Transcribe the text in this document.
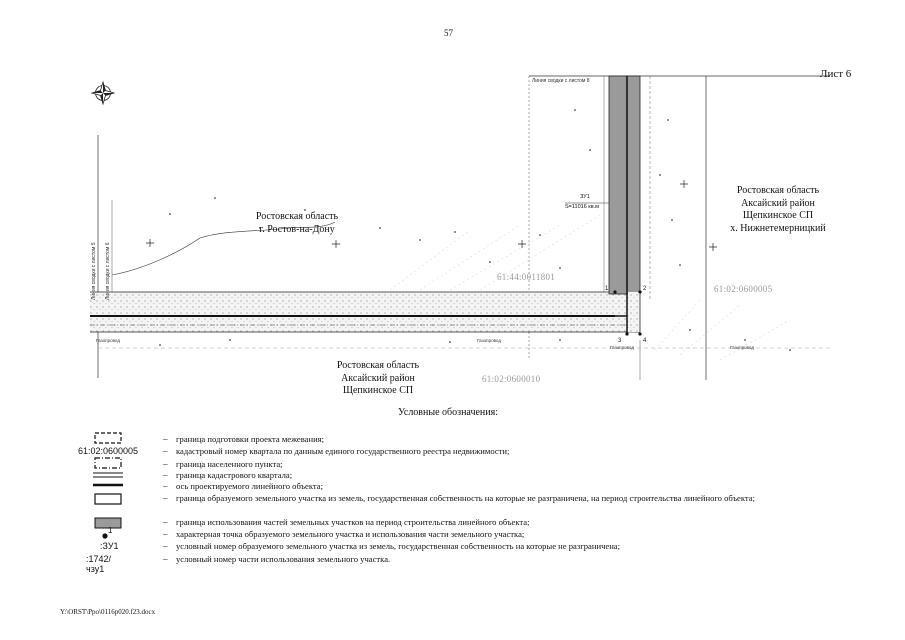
57
Лист 6
1	2
3	4
Линия сводки с листом 8
Линия сводки с листом 5 Линия сводки с листом 6
Газопровод	Газопровод
Газопровод	Газопровод
ЗУ1
S=11016 кв.м
Ростовская область
г. Ростов-на-Дону
Ростовская область
Аксайский район
Щепкинское СП
х. Нижнетемерницкий
Ростовская область
Аксайский район
Щепкинское СП
61:44:0011801
61:02:0600005
61:02:0600010
Условные обозначения:
– граница подготовки проекта межевания;
61:02:0600005	– кадастровый номер квартала по данным единого государственного реестра недвижимости;
– граница населенного пункта;
– граница кадастрового квартала;
– ось проектируемого линейного объекта;
– граница образуемого земельного участка из земель, государственная собственность на которые не разграничена, на период строительства линейного объекта;
– граница использования частей земельных участков на период строительства линейного объекта;
1	– характерная точка образуемого земельного участка и использования части земельного участка;
:ЗУ1	– условный номер образуемого земельного участка из земель, государственная собственность на которые не разграничена;
:1742/чзу1
– условный номер части использования земельного участка.
Y:\ORST\Ppo\0116p020.f23.docx
